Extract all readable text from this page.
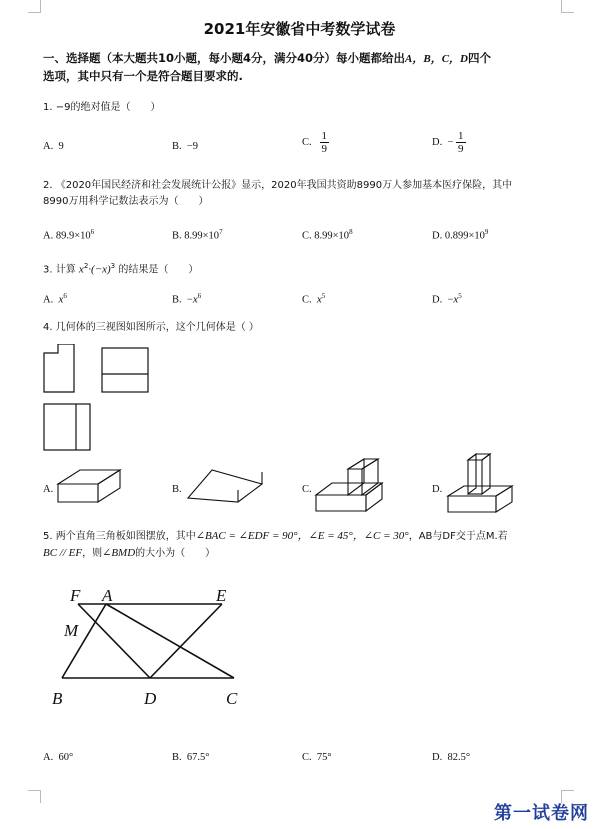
2021年安徽省中考数学试卷
一、选择题（本大题共10小题，每小题4分，满分40分）每小题都给出A，B，C，D四个
选项，其中只有一个是符合题目要求的.
1. −9的绝对值是（　　）
A. 9	B. −9	C. $\frac{1}{9}$	D. − $\frac{1}{9}$
2. 《2020年国民经济和社会发展统计公报》显示，2020年我国共资助8990万人参加基本医疗保险，其中
8990万用科学记数法表示为（　　）
A. $89.9\times 10^6$	B. $8.99\times 10^7$	C. $8.99\times 10^8$	D. $0.899\times 10^9$
3. 计算 $x^2\cdot(-x)^3$ 的结果是（　　）
A. $x^6$	B. $-x^6$	C. $x^5$	D. $-x^5$
4. 几何体的三视图如图所示，这个几何体是（ ）
A.	B.	C.	D.
5. 两个直角三角板如图摆放，其中∠BAC = ∠EDF = 90°，∠E = 45°，∠C = 30°，AB与DF交于点M.若
BC // EF，则∠BMD的大小为（　　）
F A	E
M
B	D	C
A. 60°	B. 67.5°	C. 75°	D. 82.5°
第一试卷网
